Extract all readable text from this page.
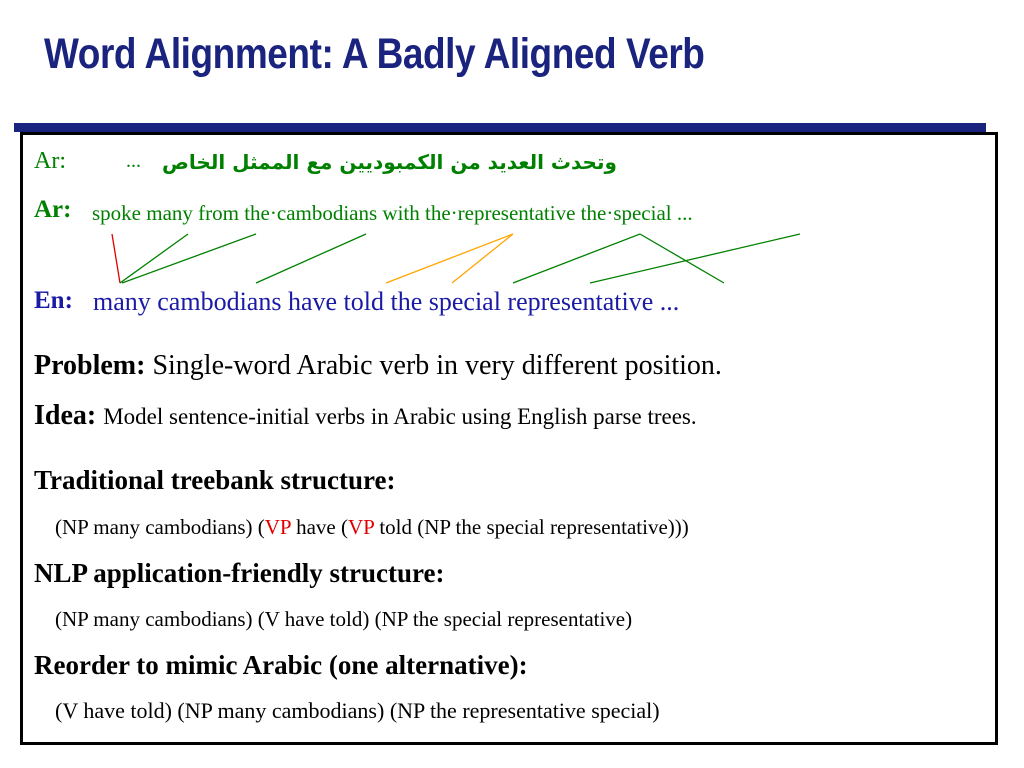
Word Alignment: A Badly Aligned Verb
Ar:	... وتحدث العديد من الكمبوديين مع الممثل الخاص
Ar: spoke many from the·cambodians with the·representative the·special ...
En: many cambodians have told the special representative ...
Problem: Single-word Arabic verb in very different position.
Idea: Model sentence-initial verbs in Arabic using English parse trees.
Traditional treebank structure:
(NP many cambodians) (VP have (VP told (NP the special representative)))
NLP application-friendly structure:
(NP many cambodians) (V have told) (NP the special representative)
Reorder to mimic Arabic (one alternative):
(V have told) (NP many cambodians) (NP the representative special)
